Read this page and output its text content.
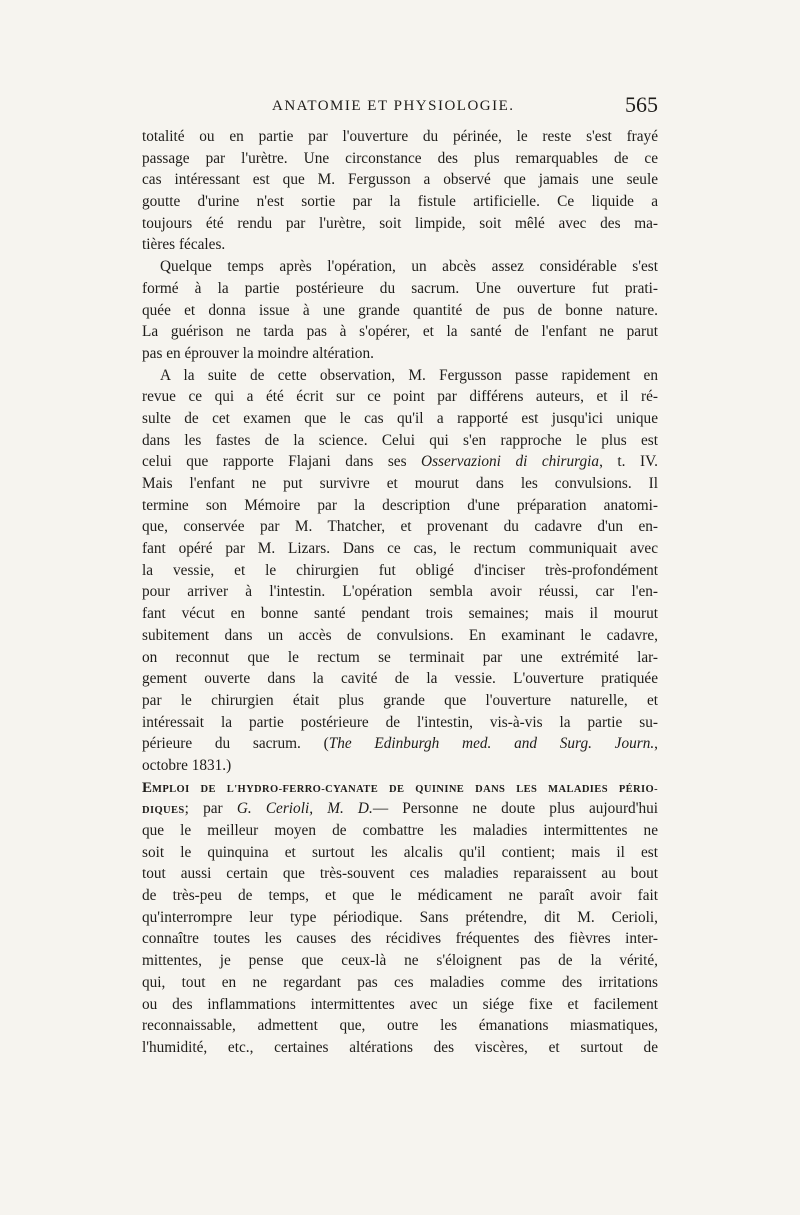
ANATOMIE ET PHYSIOLOGIE.	565
totalité ou en partie par l'ouverture du périnée, le reste s'est frayé
passage par l'urètre. Une circonstance des plus remarquables de ce
cas intéressant est que M. Fergusson a observé que jamais une seule
goutte d'urine n'est sortie par la fistule artificielle. Ce liquide a
toujours été rendu par l'urètre, soit limpide, soit mêlé avec des ma-
tières fécales.
Quelque temps après l'opération, un abcès assez considérable s'est
formé à la partie postérieure du sacrum. Une ouverture fut prati-
quée et donna issue à une grande quantité de pus de bonne nature.
La guérison ne tarda pas à s'opérer, et la santé de l'enfant ne parut
pas en éprouver la moindre altération.
A la suite de cette observation, M. Fergusson passe rapidement en
revue ce qui a été écrit sur ce point par différens auteurs, et il ré-
sulte de cet examen que le cas qu'il a rapporté est jusqu'ici unique
dans les fastes de la science. Celui qui s'en rapproche le plus est
celui que rapporte Flajani dans ses Osservazioni di chirurgia, t. IV.
Mais l'enfant ne put survivre et mourut dans les convulsions. Il
termine son Mémoire par la description d'une préparation anatomi-
que, conservée par M. Thatcher, et provenant du cadavre d'un en-
fant opéré par M. Lizars. Dans ce cas, le rectum communiquait avec
la vessie, et le chirurgien fut obligé d'inciser très-profondément
pour arriver à l'intestin. L'opération sembla avoir réussi, car l'en-
fant vécut en bonne santé pendant trois semaines; mais il mourut
subitement dans un accès de convulsions. En examinant le cadavre,
on reconnut que le rectum se terminait par une extrémité lar-
gement ouverte dans la cavité de la vessie. L'ouverture pratiquée
par le chirurgien était plus grande que l'ouverture naturelle, et
intéressait la partie postérieure de l'intestin, vis-à-vis la partie su-
périeure du sacrum. (The Edinburgh med. and Surg. Journ.,
octobre 1831.)
EMPLOI DE L'HYDRO-FERRO-CYANATE DE QUININE DANS LES MALADIES PÉRIO-
DIQUES; par G. Cerioli, M. D.— Personne ne doute plus aujourd'hui
que le meilleur moyen de combattre les maladies intermittentes ne
soit le quinquina et surtout les alcalis qu'il contient; mais il est
tout aussi certain que très-souvent ces maladies reparaissent au bout
de très-peu de temps, et que le médicament ne paraît avoir fait
qu'interrompre leur type périodique. Sans prétendre, dit M. Cerioli,
connaître toutes les causes des récidives fréquentes des fièvres inter-
mittentes, je pense que ceux-là ne s'éloignent pas de la vérité,
qui, tout en ne regardant pas ces maladies comme des irritations
ou des inflammations intermittentes avec un siége fixe et facilement
reconnaissable, admettent que, outre les émanations miasmatiques,
l'humidité, etc., certaines altérations des viscères, et surtout de
